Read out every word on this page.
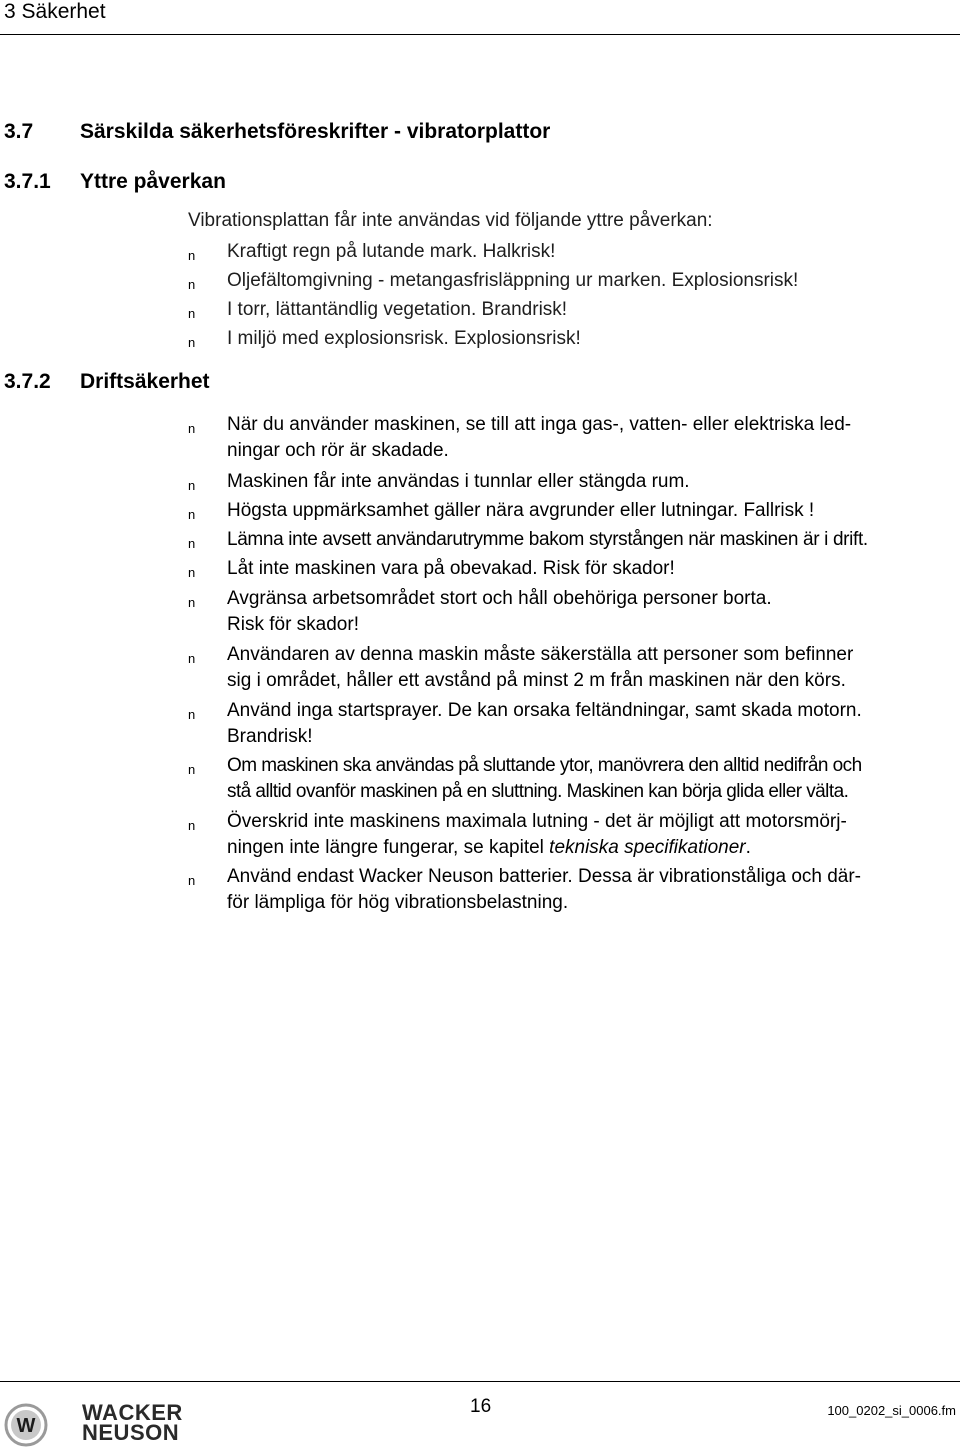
3 Säkerhet
3.7 Särskilda säkerhetsföreskrifter - vibratorplattor
3.7.1 Yttre påverkan
Vibrationsplattan får inte användas vid följande yttre påverkan:
n Kraftigt regn på lutande mark. Halkrisk!
n Oljefältomgivning - metangasfrisläppning ur marken. Explosionsrisk!
n I torr, lättantändlig vegetation. Brandrisk!
n I miljö med explosionsrisk. Explosionsrisk!
3.7.2 Driftsäkerhet
n När du använder maskinen, se till att inga gas-, vatten- eller elektriska led-
ningar och rör är skadade.
n Maskinen får inte användas i tunnlar eller stängda rum.
n Högsta uppmärksamhet gäller nära avgrunder eller lutningar. Fallrisk !
n Lämna inte avsett användarutrymme bakom styrstången när maskinen är i drift.
n Låt inte maskinen vara på obevakad. Risk för skador!
n Avgränsa arbetsområdet stort och håll obehöriga personer borta.
Risk för skador!
n Användaren av denna maskin måste säkerställa att personer som befinner
sig i området, håller ett avstånd på minst 2 m från maskinen när den körs.
n Använd inga startsprayer. De kan orsaka feltändningar, samt skada motorn.
Brandrisk!
n Om maskinen ska användas på sluttande ytor, manövrera den alltid nedifrån och
stå alltid ovanför maskinen på en sluttning. Maskinen kan börja glida eller välta.
n Överskrid inte maskinens maximala lutning - det är möjligt att motorsmörj-
ningen inte längre fungerar, se kapitel tekniska specifikationer.
n Använd endast Wacker Neuson batterier. Dessa är vibrationståliga och där-
för lämpliga för hög vibrationsbelastning.
W
WACKER
NEUSON
16	100_0202_si_0006.fm
